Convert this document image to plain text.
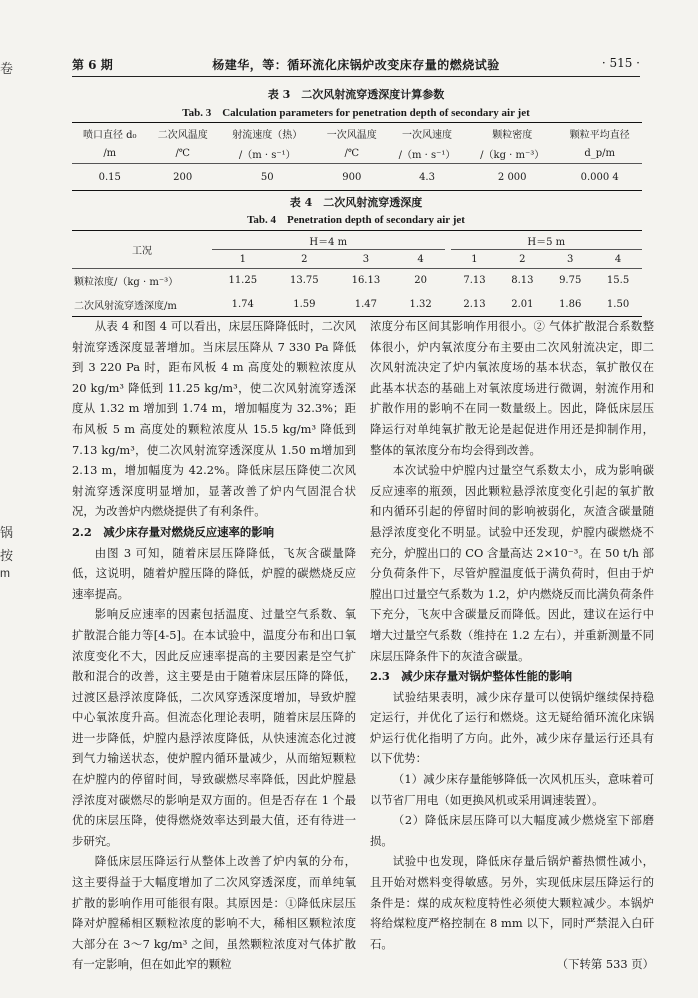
卷
锅
按
m
第 6 期	杨建华，等：循环流化床锅炉改变床存量的燃烧试验	· 515 ·
表 3　二次风射流穿透深度计算参数
Tab. 3　Calculation parameters for penetration depth of secondary air jet
喷口直径 d₀	二次风温度	射流速度（热）	一次风温度	一次风速度	颗粒密度	颗粒平均直径
/m	/℃	/（m · s⁻¹）	/℃	/（m · s⁻¹）	/（kg · m⁻³）	d_p/m
0.15	200	50	900	4.3	2 000	0.000 4
表 4　二次风射流穿透深度
Tab. 4　Penetration depth of secondary air jet
工况	H＝4 m					H＝5 m			
	1	2	3	4		1	2	3	4
颗粒浓度/（kg · m⁻³）	11.25	13.75	16.13	20		7.13	8.13	9.75	15.5
二次风射流穿透深度/m	1.74	1.59	1.47	1.32		2.13	2.01	1.86	1.50

从表 4 和图 4 可以看出，床层压降降低时，二次风射流穿透深度显著增加。当床层压降从 7 330 Pa 降低到 3 220 Pa 时，距布风板 4 m 高度处的颗粒浓度从 20 kg/m³ 降低到 11.25 kg/m³，使二次风射流穿透深度从 1.32 m 增加到 1.74 m，增加幅度为 32.3%；距布风板 5 m 高度处的颗粒浓度从 15.5 kg/m³ 降低到 7.13 kg/m³，使二次风射流穿透深度从 1.50 m增加到 2.13 m，增加幅度为 42.2%。降低床层压降使二次风射流穿透深度明显增加，显著改善了炉内气固混合状况，为改善炉内燃烧提供了有利条件。

2.2　减少床存量对燃烧反应速率的影响

由图 3 可知，随着床层压降降低，飞灰含碳量降低，这说明，随着炉膛压降的降低，炉膛的碳燃烧反应速率提高。

影响反应速率的因素包括温度、过量空气系数、氧扩散混合能力等[4-5]。在本试验中，温度分布和出口氧浓度变化不大，因此反应速率提高的主要因素是空气扩散和混合的改善，这主要是由于随着床层压降的降低，过渡区悬浮浓度降低，二次风穿透深度增加，导致炉膛中心氧浓度升高。但流态化理论表明，随着床层压降的进一步降低，炉膛内悬浮浓度降低，从快速流态化过渡到气力输送状态，使炉膛内循环量减少，从而缩短颗粒在炉膛内的停留时间，导致碳燃尽率降低，因此炉膛悬浮浓度对碳燃尽的影响是双方面的。但是否存在 1 个最优的床层压降，使得燃烧效率达到最大值，还有待进一步研究。

降低床层压降运行从整体上改善了炉内氧的分布，这主要得益于大幅度增加了二次风穿透深度，而单纯氧扩散的影响作用可能很有限。其原因是：①降低床层压降对炉膛稀相区颗粒浓度的影响不大，稀相区颗粒浓度大部分在 3～7 kg/m³ 之间，虽然颗粒浓度对气体扩散有一定影响，但在如此窄的颗粒

浓度分布区间其影响作用很小。② 气体扩散混合系数整体很小，炉内氧浓度分布主要由二次风射流决定，即二次风射流决定了炉内氧浓度场的基本状态，氧扩散仅在此基本状态的基础上对氧浓度场进行微调，射流作用和扩散作用的影响不在同一数量级上。因此，降低床层压降运行对单纯氧扩散无论是起促进作用还是抑制作用，整体的氧浓度分布均会得到改善。

本次试验中炉膛内过量空气系数太小，成为影响碳反应速率的瓶颈，因此颗粒悬浮浓度变化引起的氧扩散和内循环引起的停留时间的影响被弱化，灰渣含碳量随悬浮浓度变化不明显。试验中还发现，炉膛内碳燃烧不充分，炉膛出口的 CO 含量高达 2×10⁻³。在 50 t/h 部分负荷条件下，尽管炉膛温度低于满负荷时，但由于炉膛出口过量空气系数为 1.2，炉内燃烧反而比满负荷条件下充分，飞灰中含碳量反而降低。因此，建议在运行中增大过量空气系数（维持在 1.2 左右），并重新测量不同床层压降条件下的灰渣含碳量。

2.3　减少床存量对锅炉整体性能的影响

试验结果表明，减少床存量可以使锅炉继续保持稳定运行，并优化了运行和燃烧。这无疑给循环流化床锅炉运行优化指明了方向。此外，减少床存量运行还具有以下优势：

（1）减少床存量能够降低一次风机压头，意味着可以节省厂用电（如更换风机或采用调速装置）。

（2）降低床层压降可以大幅度减少燃烧室下部磨损。

试验中也发现，降低床存量后锅炉蓄热惯性减小，且开始对燃料变得敏感。另外，实现低床层压降运行的条件是：煤的成灰粒度特性必须使大颗粒减少。本锅炉将给煤粒度严格控制在 8 mm 以下，同时严禁混入白矸石。

（下转第 533 页）
